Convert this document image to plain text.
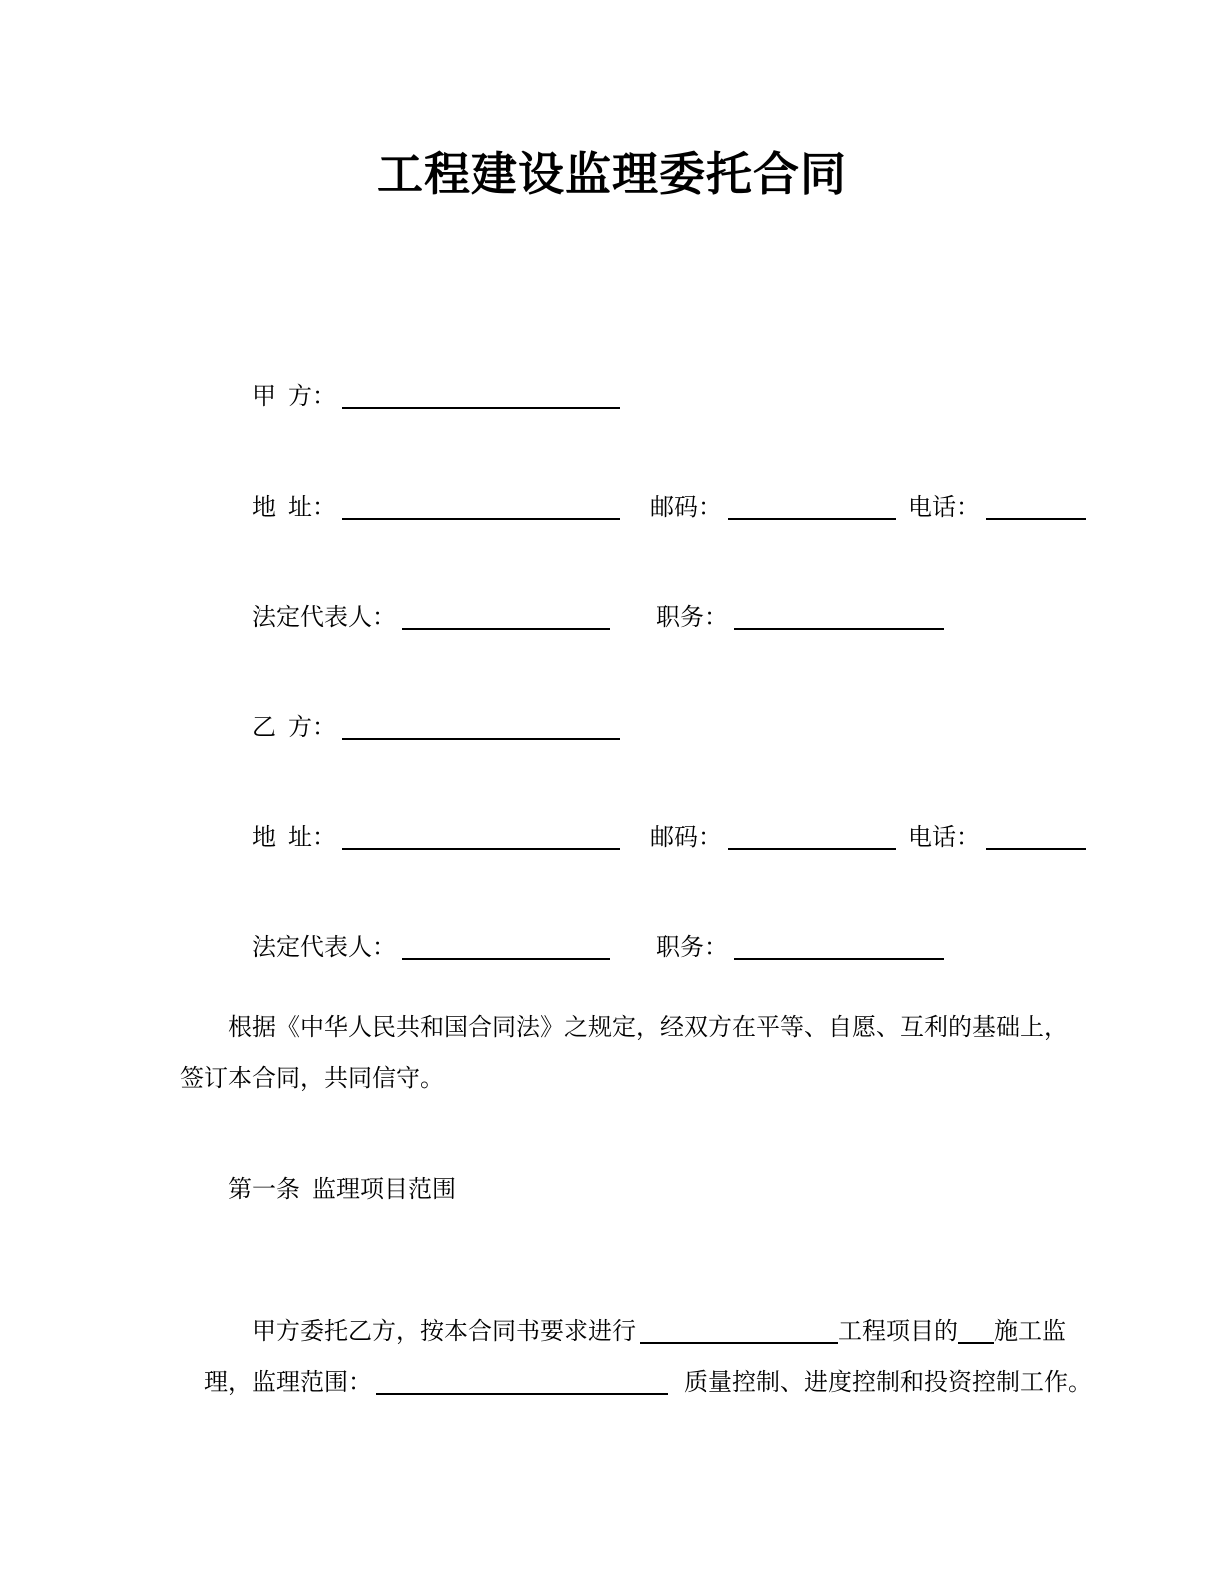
工程建设监理委托合同

甲  方：

地  址：	邮码：	电话：

法定代表人：	职务：

乙  方：

地  址：	邮码：	电话：

法定代表人：	职务：

根据《中华人民共和国合同法》之规定，经双方在平等、自愿、互利的基础上，
签订本合同，共同信守。
第一条  监理项目范围

甲方委托乙方，按本合同书要求进行	工程项目的 施工监

理，监理范围：	质量控制、进度控制和投资控制工作。
